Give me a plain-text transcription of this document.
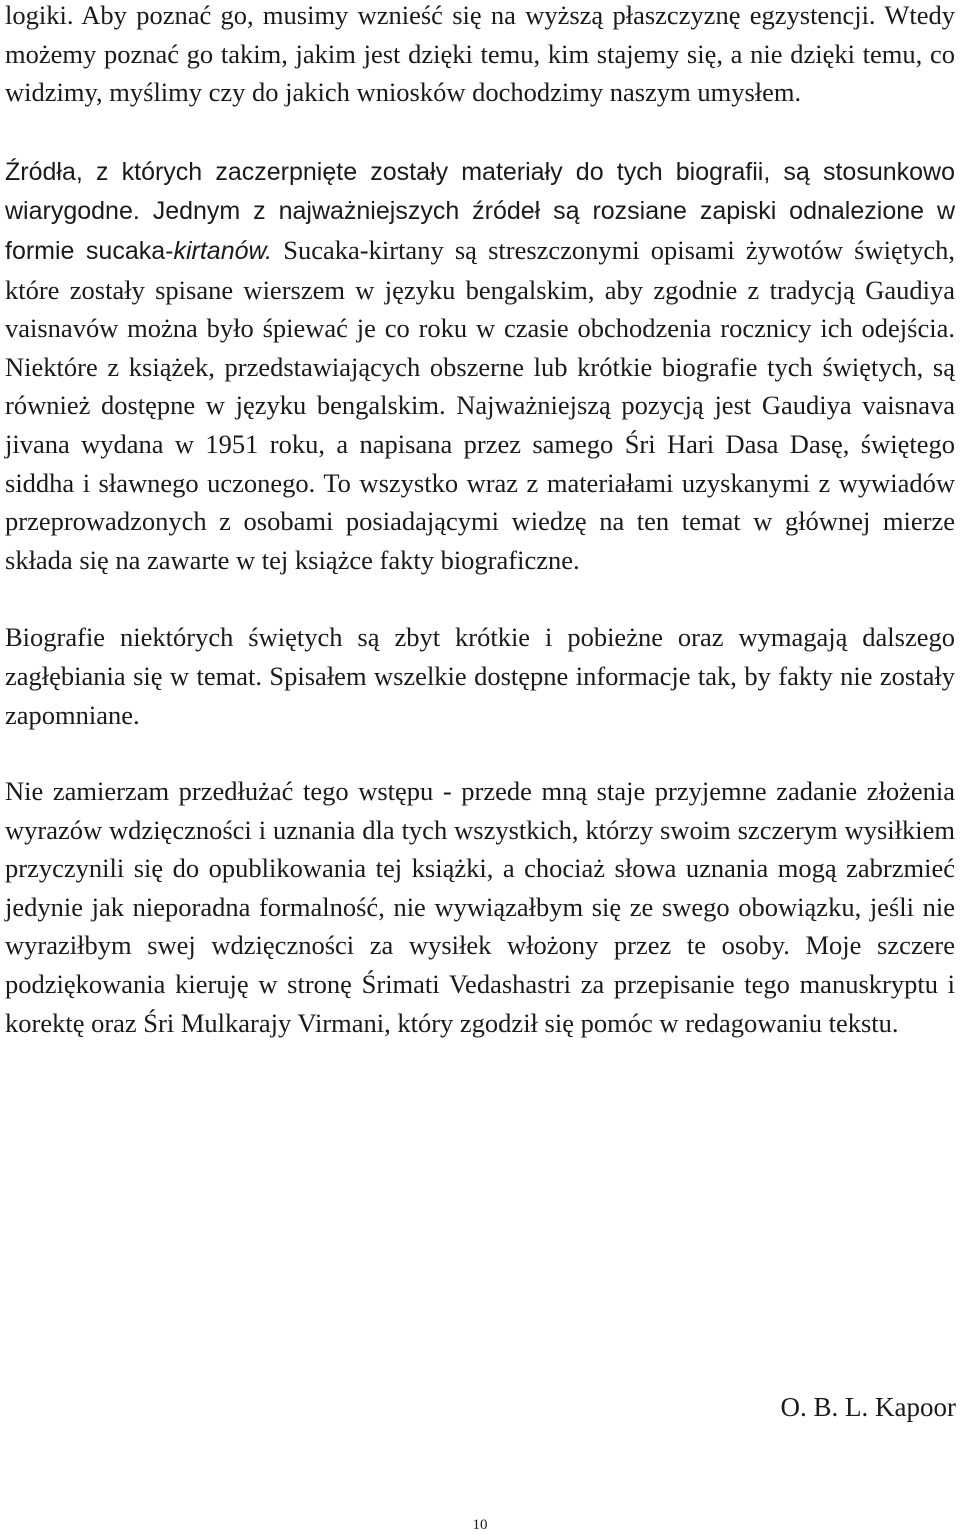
logiki. Aby poznać go, musimy wznieść się na wyższą płaszczyznę egzystencji. Wtedy możemy poznać go takim, jakim jest dzięki temu, kim stajemy się, a nie dzięki temu, co widzimy, myślimy czy do jakich wniosków dochodzimy naszym umysłem.

Źródła, z których zaczerpnięte zostały materiały do tych biografii, są stosunkowo wiarygodne. Jednym z najważniejszych źródeł są rozsiane zapiski odnalezione w formie sucaka-kirtanów. Sucaka-kirtany są streszczonymi opisami żywotów świętych, które zostały spisane wierszem w języku bengalskim, aby zgodnie z tradycją Gaudiya vaisnavów można było śpiewać je co roku w czasie obchodzenia rocznicy ich odejścia. Niektóre z książek, przedstawiających obszerne lub krótkie biografie tych świętych, są również dostępne w języku bengalskim. Najważniejszą pozycją jest Gaudiya vaisnava jivana wydana w 1951 roku, a napisana przez samego Śri Hari Dasa Dasę, świętego siddha i sławnego uczonego. To wszystko wraz z materiałami uzyskanymi z wywiadów przeprowadzonych z osobami posiadającymi wiedzę na ten temat w głównej mierze składa się na zawarte w tej książce fakty biograficzne.

Biografie niektórych świętych są zbyt krótkie i pobieżne oraz wymagają dalszego zagłębiania się w temat. Spisałem wszelkie dostępne informacje tak, by fakty nie zostały zapomniane.

Nie zamierzam przedłużać tego wstępu - przede mną staje przyjemne zadanie złożenia wyrazów wdzięczności i uznania dla tych wszystkich, którzy swoim szczerym wysiłkiem przyczynili się do opublikowania tej książki, a chociaż słowa uznania mogą zabrzmieć jedynie jak nieporadna formalność, nie wywiązałbym się ze swego obowiązku, jeśli nie wyraziłbym swej wdzięczności za wysiłek włożony przez te osoby. Moje szczere podziękowania kieruję w stronę Śrimati Vedashastri za przepisanie tego manuskryptu i korektę oraz Śri Mulkarajy Virmani, który zgodził się pomóc w redagowaniu tekstu.

O. B. L. Kapoor
10
